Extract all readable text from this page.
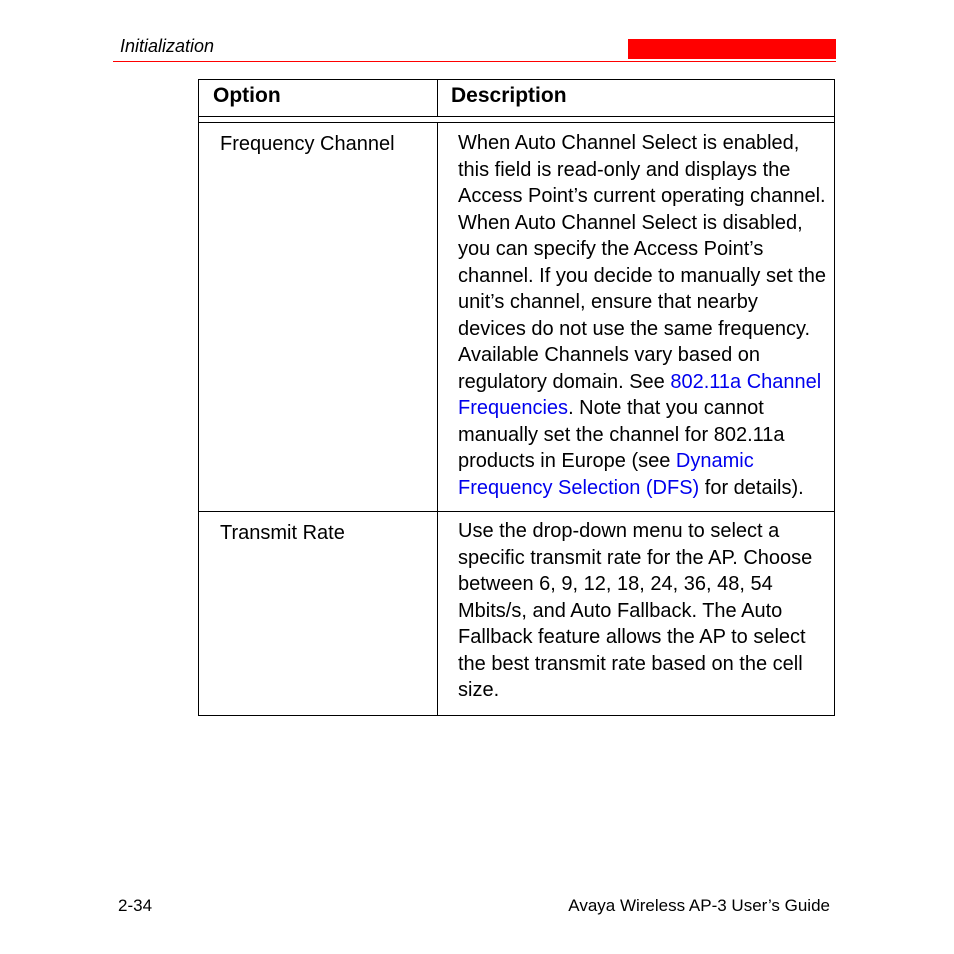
Initialization
Option	Description
Frequency Channel	When Auto Channel Select is enabled, this field is read-only and displays the Access Point’s current operating channel. When Auto Channel Select is disabled, you can specify the Access Point’s channel. If you decide to manually set the unit’s channel, ensure that nearby devices do not use the same frequency. Available Channels vary based on regulatory domain. See 802.11a Channel Frequencies. Note that you cannot manually set the channel for 802.11a products in Europe (see Dynamic Frequency Selection (DFS) for details).
Transmit Rate	Use the drop-down menu to select a specific transmit rate for the AP. Choose between 6, 9, 12, 18, 24, 36, 48, 54 Mbits/s, and Auto Fallback. The Auto Fallback feature allows the AP to select the best transmit rate based on the cell size.
2-34	Avaya Wireless AP-3 User’s Guide
